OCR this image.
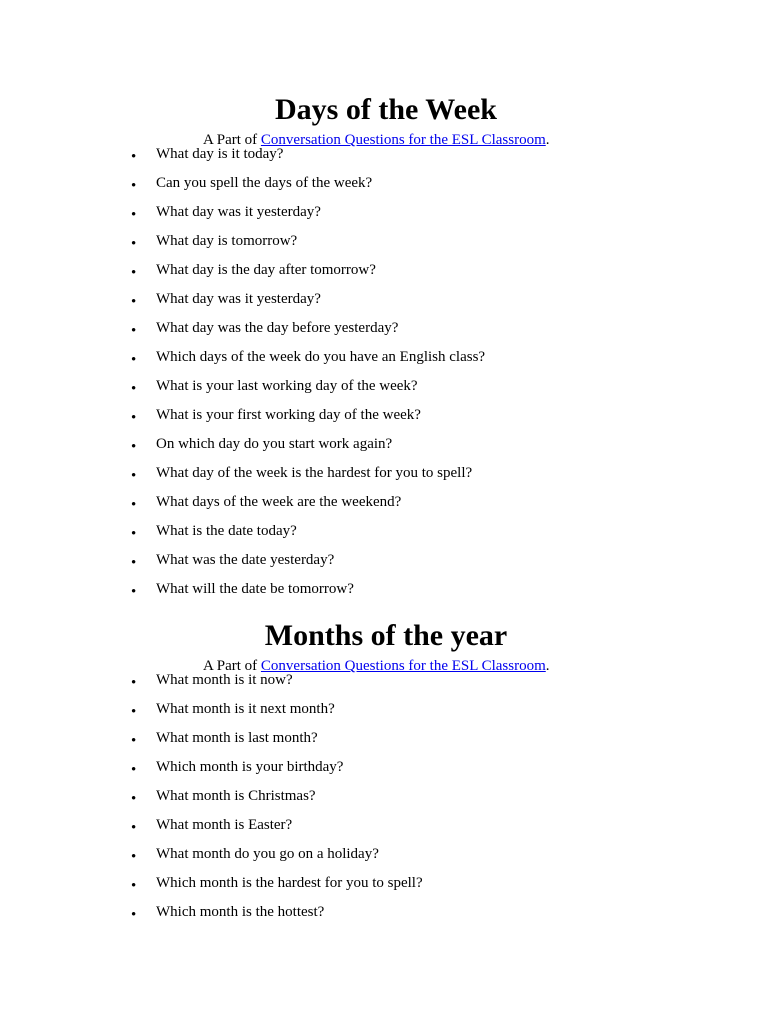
Days of the Week

A Part of Conversation Questions for the ESL Classroom.

• What day is it today?
• Can you spell the days of the week?
• What day was it yesterday?
• What day is tomorrow?
• What day is the day after tomorrow?
• What day was it yesterday?
• What day was the day before yesterday?
• Which days of the week do you have an English class?
• What is your last working day of the week?
• What is your first working day of the week?
• On which day do you start work again?
• What day of the week is the hardest for you to spell?
• What days of the week are the weekend?
• What is the date today?
• What was the date yesterday?
• What will the date be tomorrow?
Months of the year

A Part of Conversation Questions for the ESL Classroom.

• What month is it now?
• What month is it next month?
• What month is last month?
• Which month is your birthday?
• What month is Christmas?
• What month is Easter?
• What month do you go on a holiday?
• Which month is the hardest for you to spell?
• Which month is the hottest?
